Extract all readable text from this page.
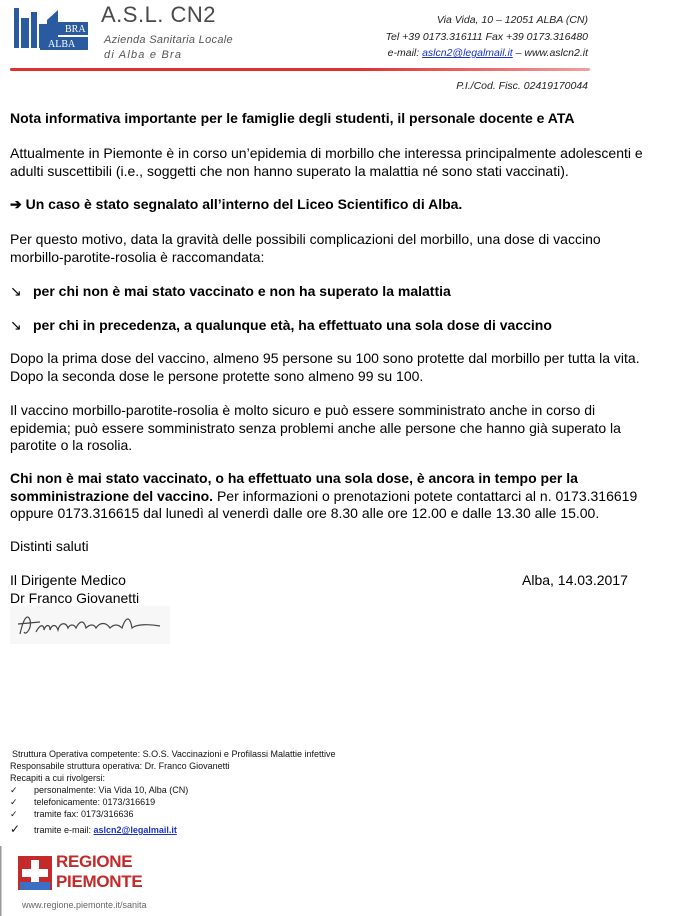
BRA
ALBA
A.S.L. CN2
Azienda Sanitaria Locale
di Alba e Bra
Via Vida, 10 – 12051 ALBA (CN)
Tel +39 0173.316111 Fax +39 0173.316480
e-mail: aslcn2@legalmail.it – www.aslcn2.it
P.I./Cod. Fisc. 02419170044
Nota informativa importante per le famiglie degli studenti, il personale docente e ATA
Attualmente in Piemonte è in corso un’epidemia di morbillo che interessa principalmente adolescenti e
adulti suscettibili (i.e., soggetti che non hanno superato la malattia né sono stati vaccinati).
➔ Un caso è stato segnalato all’interno del Liceo Scientifico di Alba.
Per questo motivo, data la gravità delle possibili complicazioni del morbillo, una dose di vaccino
morbillo-parotite-rosolia è raccomandata:
↘ per chi non è mai stato vaccinato e non ha superato la malattia
↘ per chi in precedenza, a qualunque età, ha effettuato una sola dose di vaccino
Dopo la prima dose del vaccino, almeno 95 persone su 100 sono protette dal morbillo per tutta la vita.
Dopo la seconda dose le persone protette sono almeno 99 su 100.
Il vaccino morbillo-parotite-rosolia è molto sicuro e può essere somministrato anche in corso di
epidemia; può essere somministrato senza problemi anche alle persone che hanno già superato la
parotite o la rosolia.
Chi non è mai stato vaccinato, o ha effettuato una sola dose, è ancora in tempo per la
somministrazione del vaccino. Per informazioni o prenotazioni potete contattarci al n. 0173.316619
oppure 0173.316615 dal lunedì al venerdì dalle ore 8.30 alle ore 12.00 e dalle 13.30 alle 15.00.
Distinti saluti
Il Dirigente Medico
Dr Franco Giovanetti
Alba, 14.03.2017
Struttura Operativa competente: S.O.S. Vaccinazioni e Profilassi Malattie infettive
Responsabile struttura operativa: Dr. Franco Giovanetti
Recapiti a cui rivolgersi:
✓ personalmente: Via Vida 10, Alba (CN)
✓ telefonicamente: 0173/316619
✓ tramite fax: 0173/316636
✓ tramite e-mail: aslcn2@legalmail.it
REGIONE
PIEMONTE
www.regione.piemonte.it/sanita
